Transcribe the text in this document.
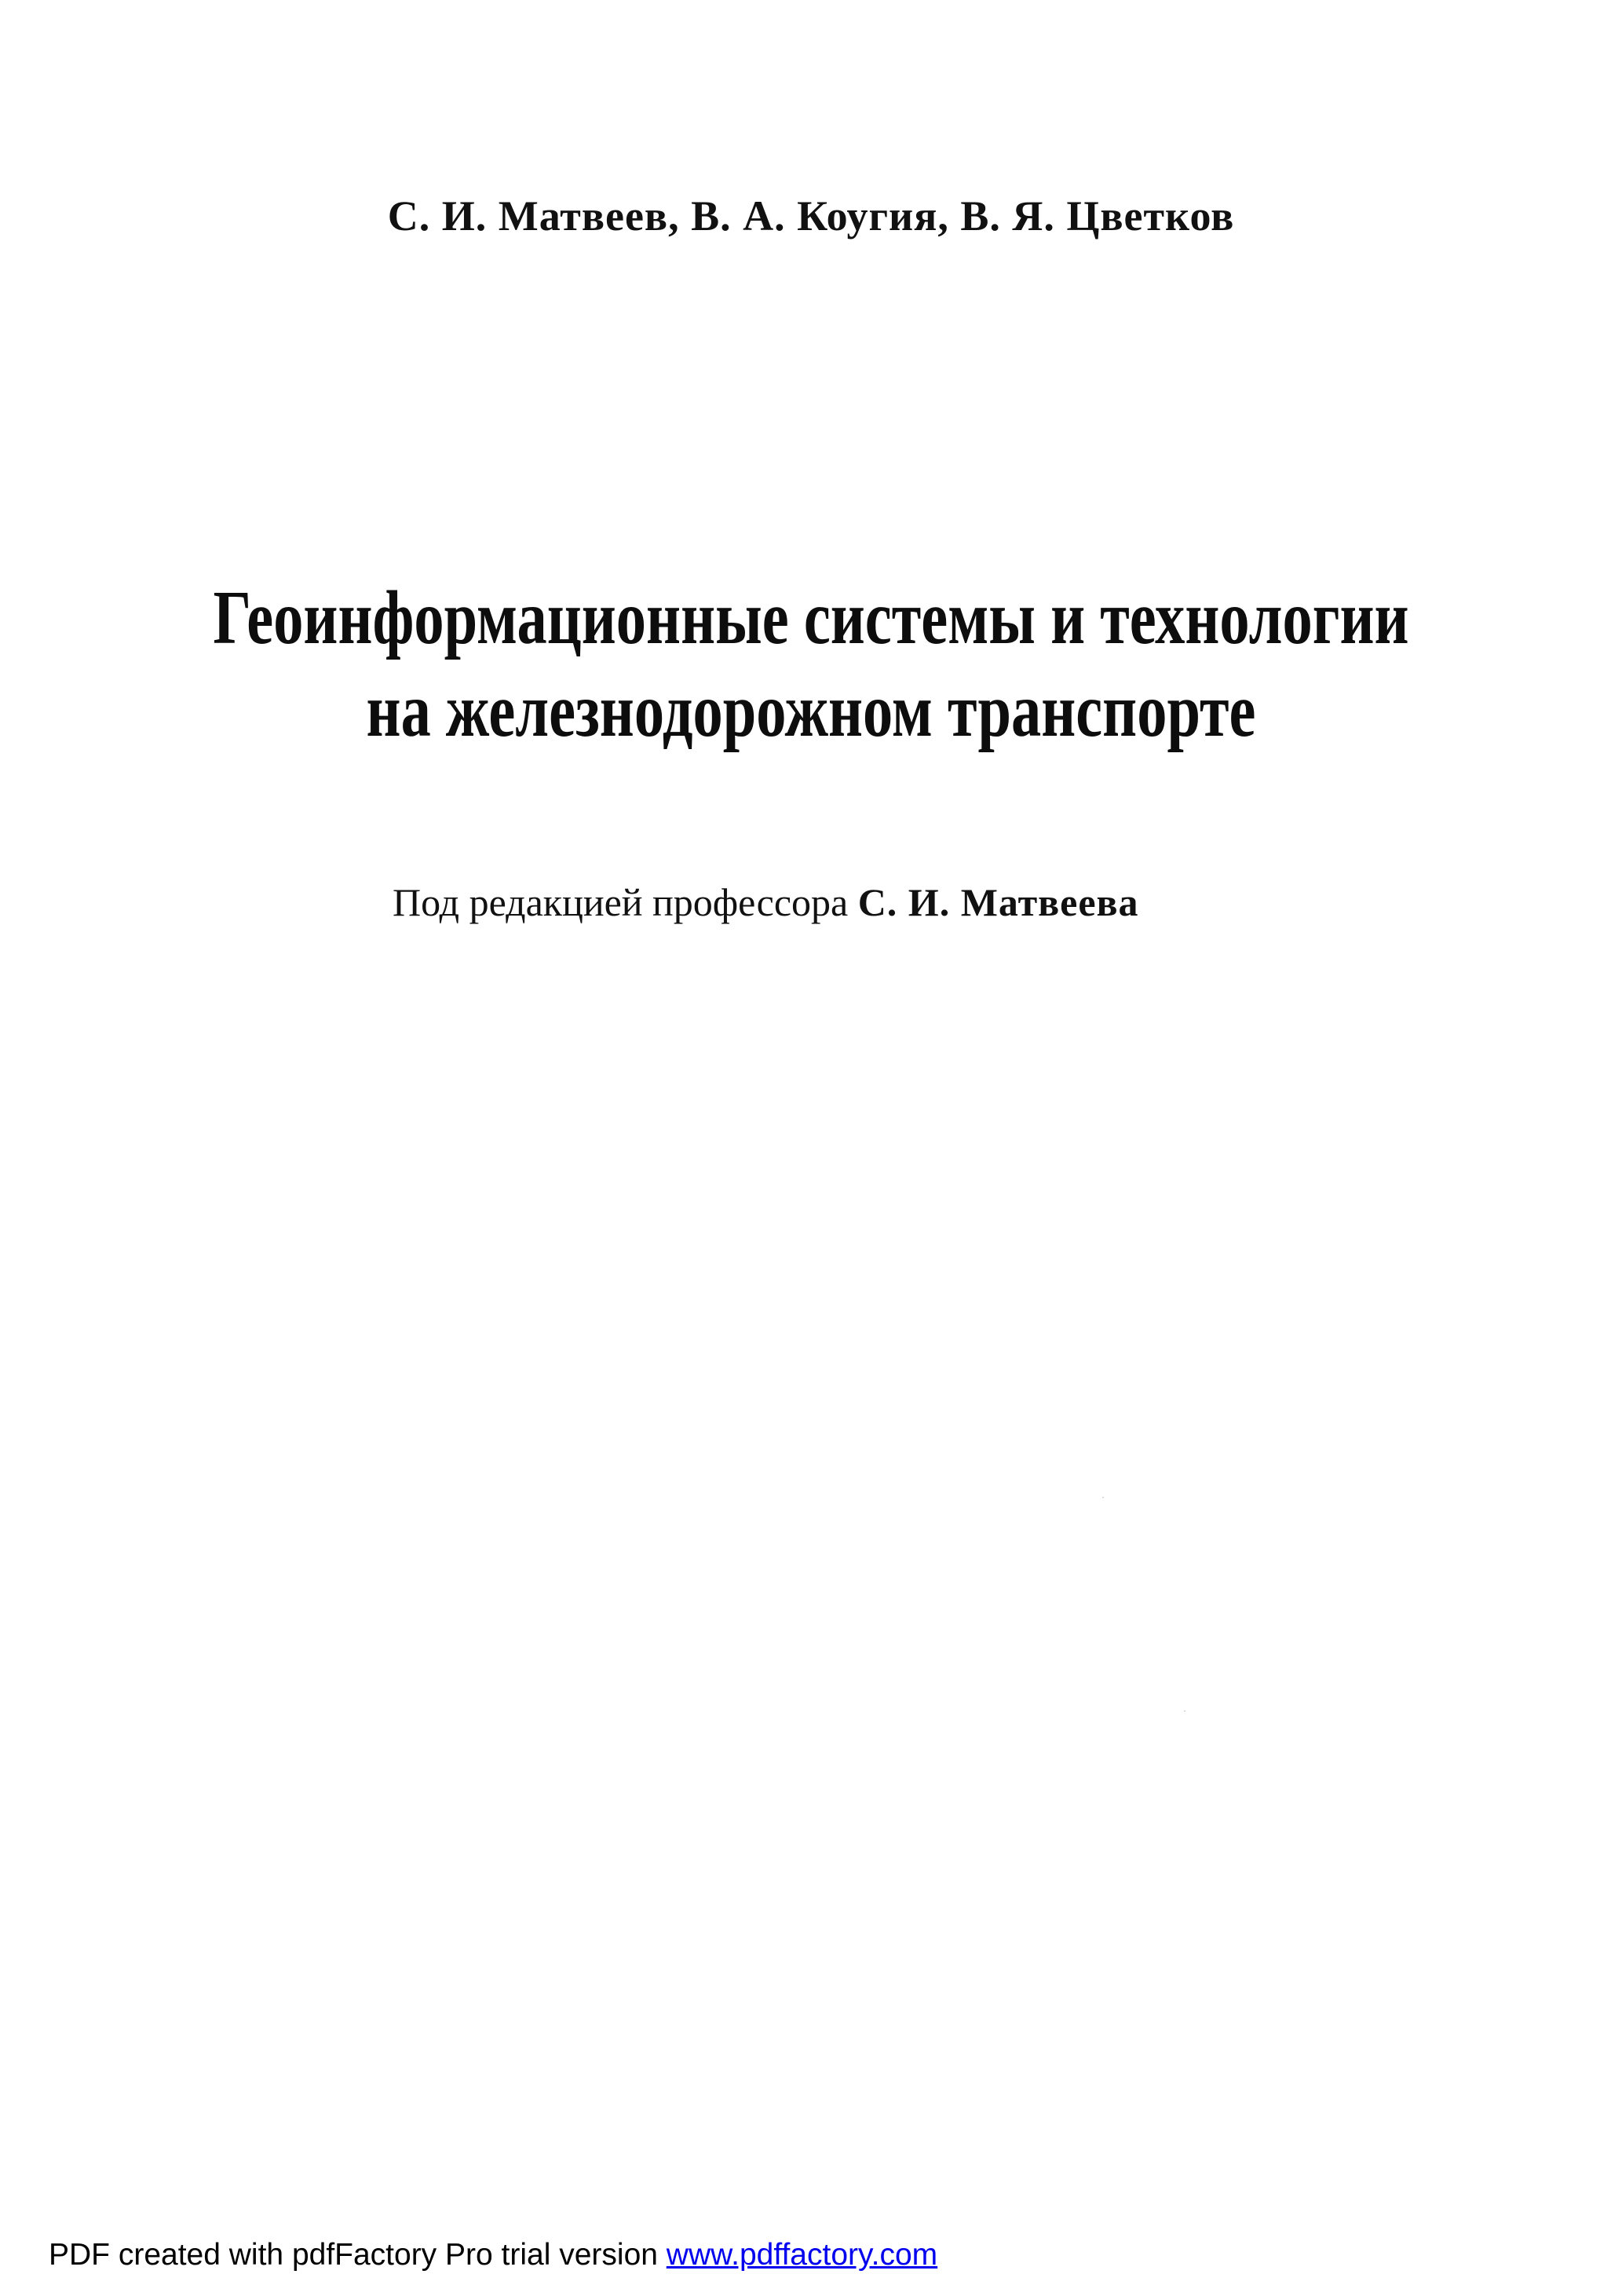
С. И. Матвеев, В. А. Коугия, В. Я. Цветков
Геоинформационные системы и технологии
на железнодорожном транспорте
Под редакцией профессора С. И. Матвеева
PDF created with pdfFactory Pro trial version www.pdffactory.com
